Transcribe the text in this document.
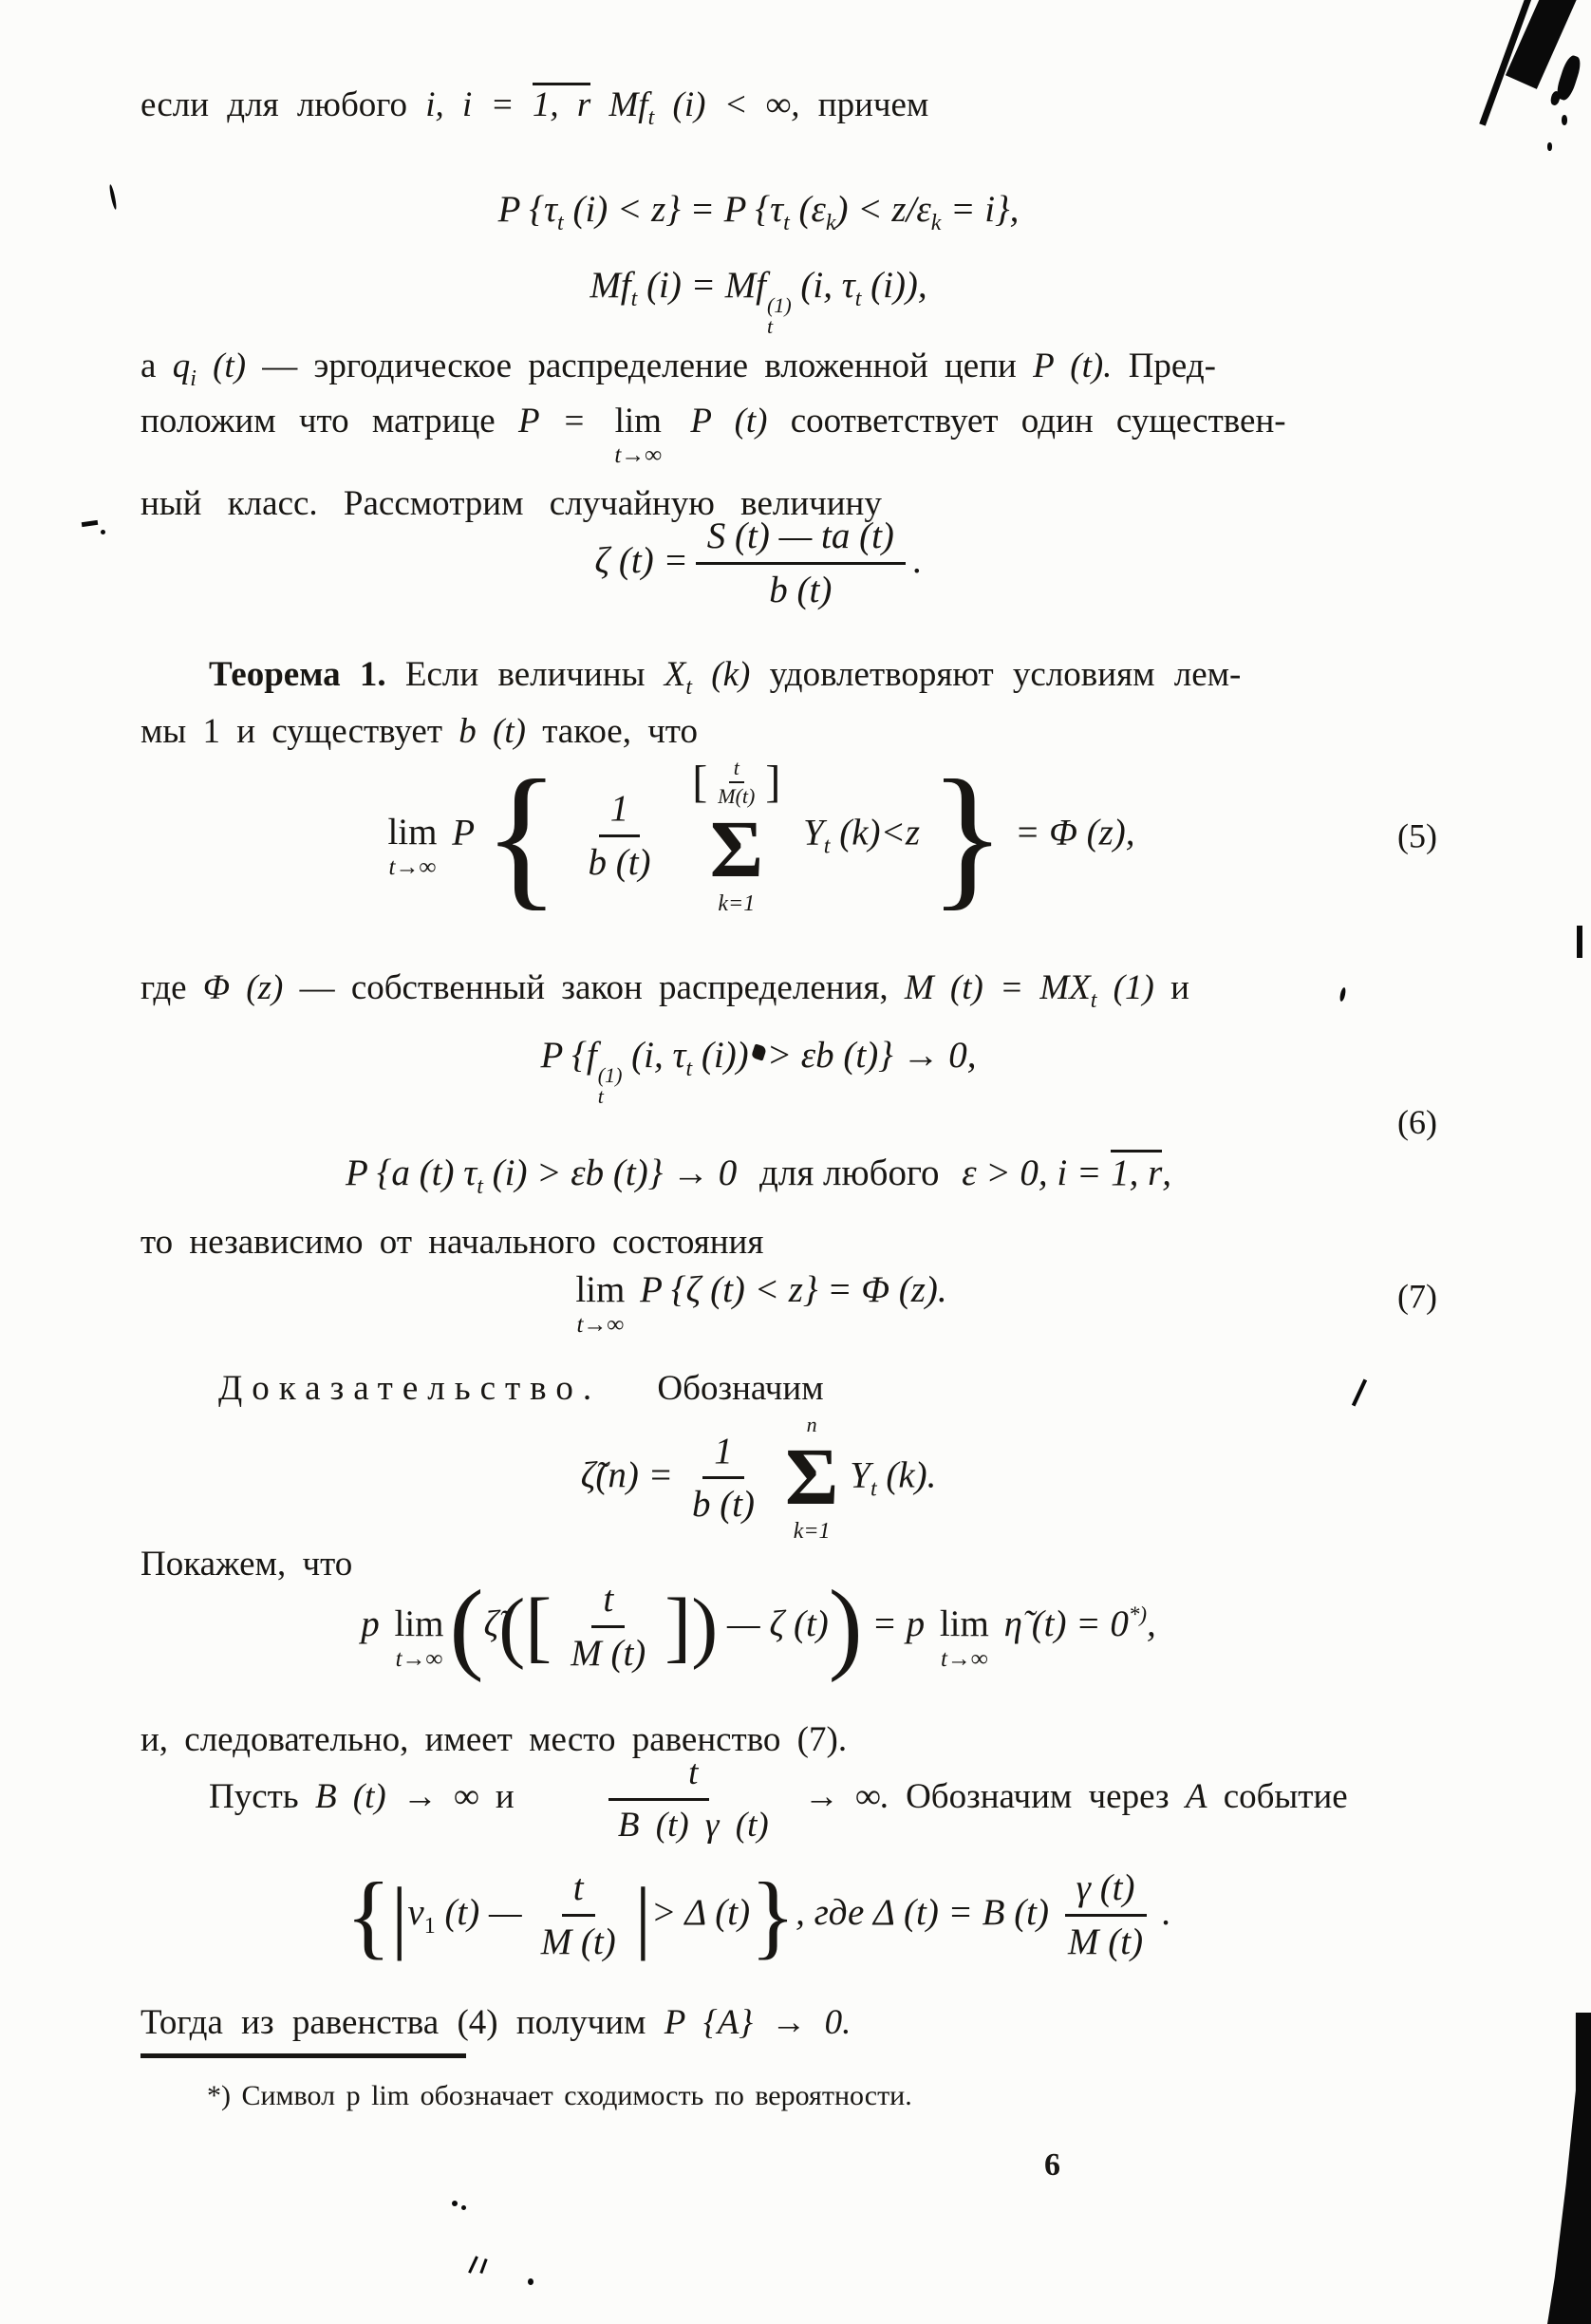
если для любого i, i = 1, r $Mf_t$ (i) < ∞, причем
P {$\tau_t$ (i) < z} = P {$\tau_t$ $(\varepsilon_k) < z/\varepsilon_k = i$},
$Mf_t$ (i) = Mf (1)
t
(i, $\tau_t$ (i)),
а $q_i$ (t) — эргодическое распределение вложенной цепи P (t). Пред-
положим что матрице P = lim
t→∞
P (t) соответствует один существен-
ный класс. Рассмотрим случайную величину
ζ $(t) = \frac{S (t) — ta (t)}{b (t)}$ .
Теорема 1. Если величины $X_t$ (k) удовлетворяют условиям лем-
мы 1 и существует b (t) такое, что
lim
t→∞
P { $\frac{1}{b (t)}$

[ $\frac{t}{M(t)}$ ]
Σ
k=1
$Y_t$ (k)<z } = Φ (z),	(5)
где Φ (z) — собственный закон распределения, M $(t) = MX_t$ (1) и
P {f (1)
t
(i, $\tau_t$ (i)) > εb (t)} → 0,
P {a (t) $\tau_t$ (i) > εb (t)} → 0 для любого ε > 0, i = 1, r,
(6)
то независимо от начального состояния
lim
t→∞
P {ζ (t) < z} = Φ (z).	(7)
Доказательство. Обозначим
ζ̃(n) = $\frac{1}{b (t)}$
n
Σ
k=1
$Y_t$ (k).
Покажем, что
p lim
t→∞ (ζ̃([ $\frac{t}{M (t)}$ ]) — ζ (t)) = p lim
t→∞
η̃ (t) = 0*),
и, следовательно, имеет место равенство (7).
Пусть B (t) → ∞ и $\frac{t}{B (t) \gamma (t)}$ → ∞. Обозначим через A событие
{$|\nu_1$ (t) — $\frac{t}{M (t)}$ |> Δ (t)}, где Δ (t) = B $(t) \frac{\gamma (t)}{M (t)}$ .
Тогда из равенства (4) получим P {A} → 0.
*) Символ p lim обозначает сходимость по вероятности.
6
